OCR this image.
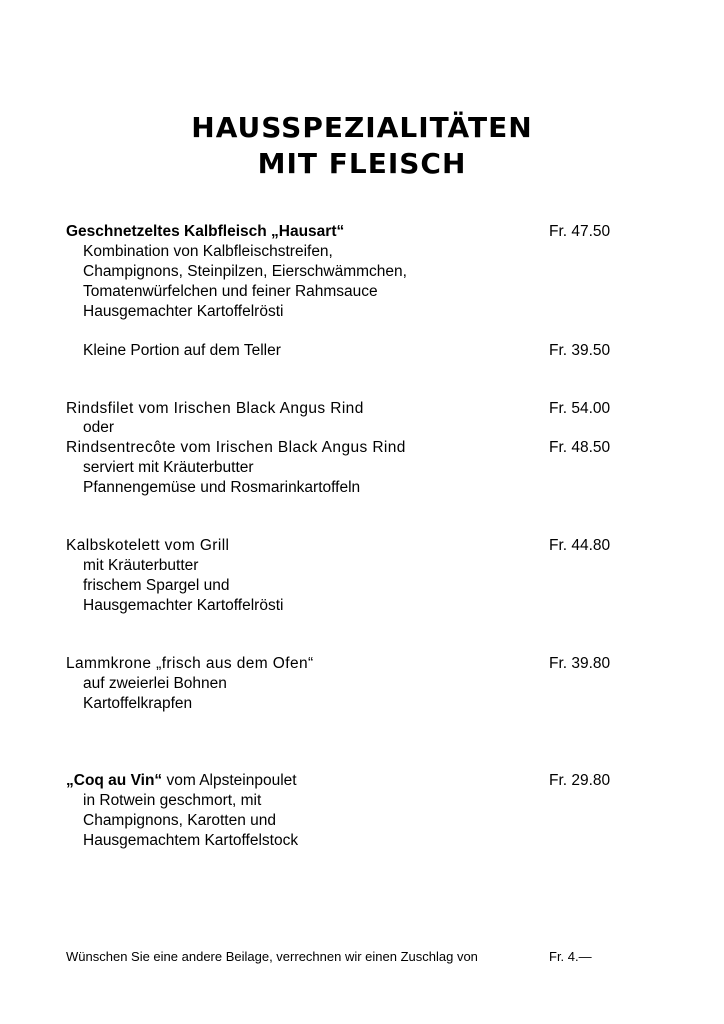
HAUSSPEZIALITÄTEN
MIT FLEISCH
Geschnetzeltes Kalbfleisch „Hausart“	Fr. 47.50
Kombination von Kalbfleischstreifen,
Champignons, Steinpilzen, Eierschwämmchen,
Tomatenwürfelchen und feiner Rahmsauce
Hausgemachter Kartoffelrösti
Kleine Portion auf dem Teller	Fr. 39.50
Rindsfilet vom Irischen Black Angus Rind	Fr. 54.00
oder
Rindsentrecôte vom Irischen Black Angus Rind	Fr. 48.50
serviert mit Kräuterbutter
Pfannengemüse und Rosmarinkartoffeln
Kalbskotelett vom Grill	Fr. 44.80
mit Kräuterbutter
frischem Spargel und
Hausgemachter Kartoffelrösti
Lammkrone „frisch aus dem Ofen“	Fr. 39.80
auf zweierlei Bohnen
Kartoffelkrapfen
„Coq au Vin“ vom Alpsteinpoulet	Fr. 29.80
in Rotwein geschmort, mit
Champignons, Karotten und
Hausgemachtem Kartoffelstock
Wünschen Sie eine andere Beilage, verrechnen wir einen Zuschlag von	Fr. 4.—
